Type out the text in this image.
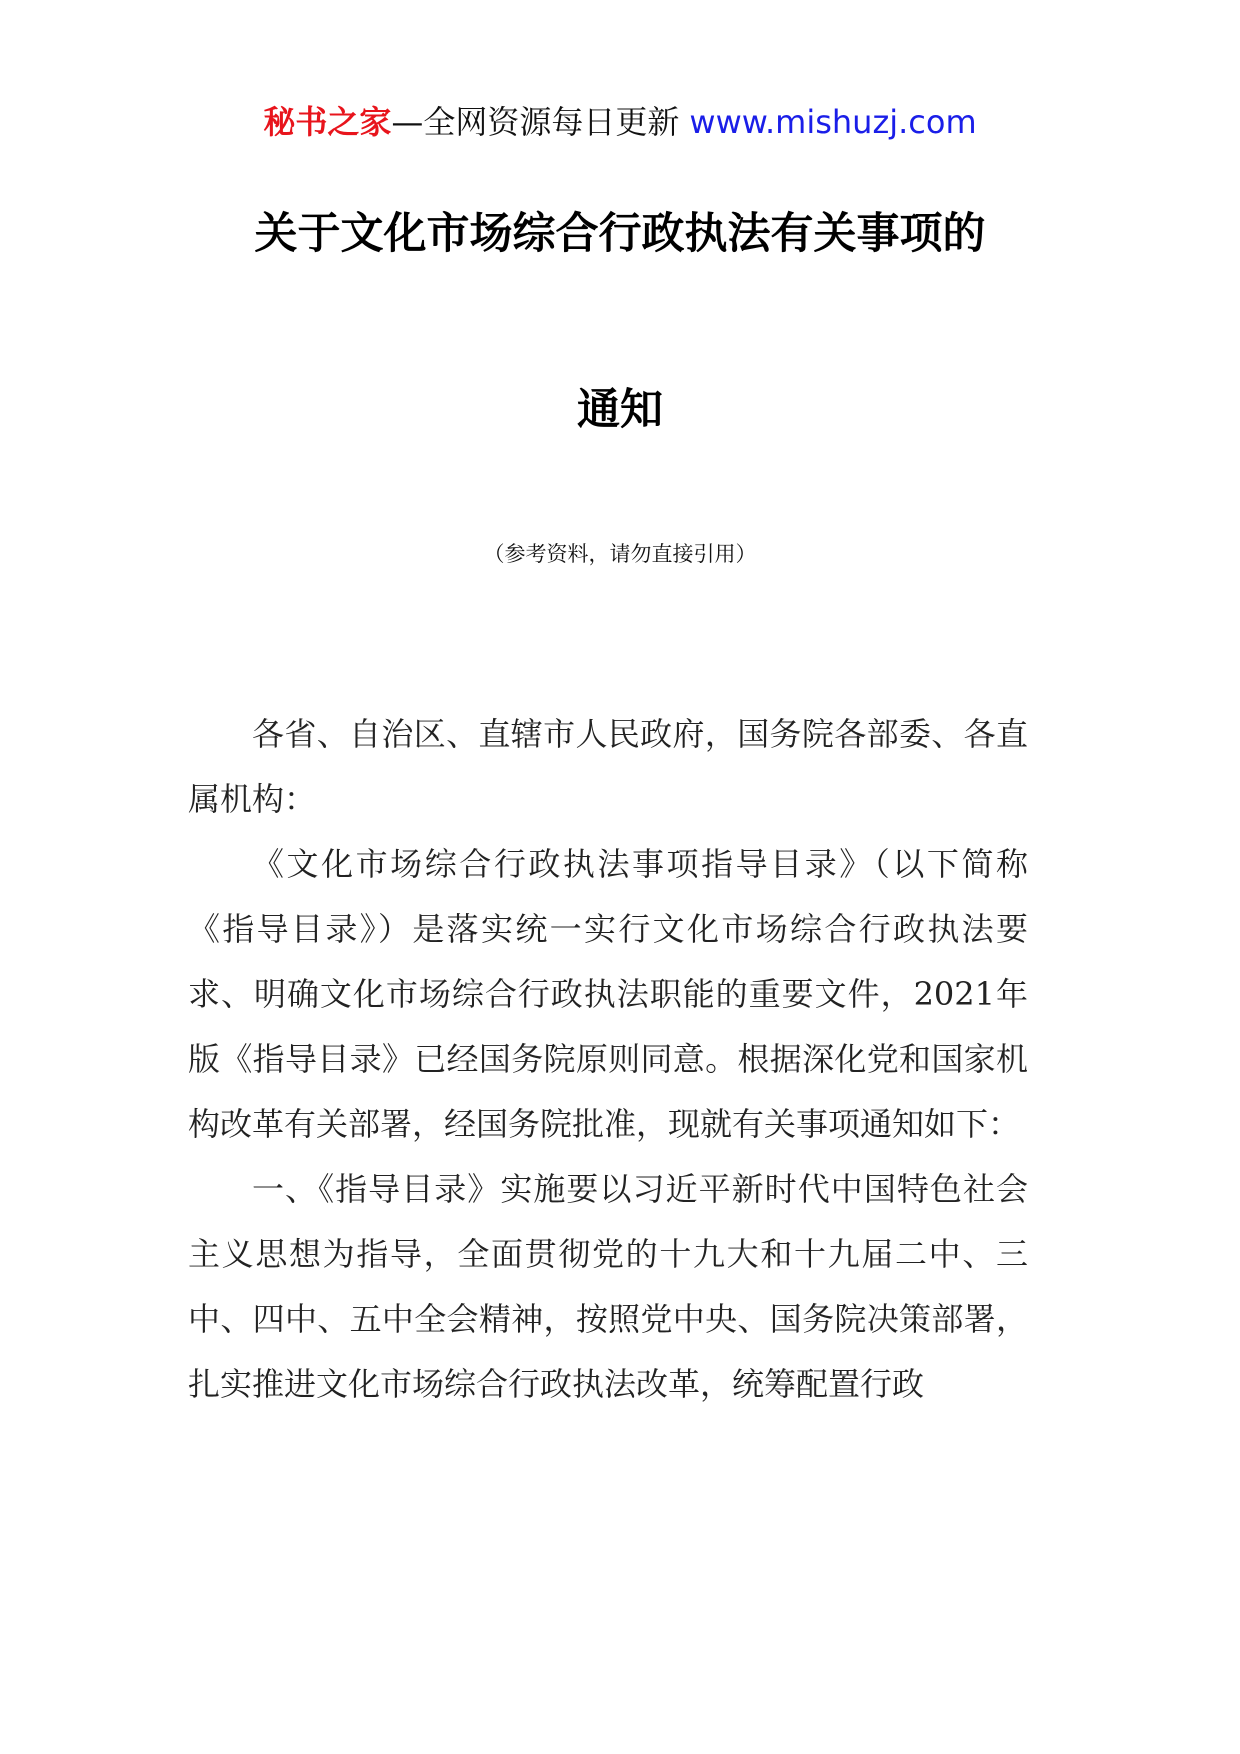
秘书之家—全网资源每日更新 www.mishuzj.com
关于文化市场综合行政执法有关事项的
通知
（参考资料，请勿直接引用）

各省、自治区、直辖市人民政府，国务院各部委、各直属机构：

《文化市场综合行政执法事项指导目录》（以下简称《指导目录》）是落实统一实行文化市场综合行政执法要求、明确文化市场综合行政执法职能的重要文件，2021年版《指导目录》已经国务院原则同意。根据深化党和国家机构改革有关部署，经国务院批准，现就有关事项通知如下：

一、《指导目录》实施要以习近平新时代中国特色社会主义思想为指导，全面贯彻党的十九大和十九届二中、三中、四中、五中全会精神，按照党中央、国务院决策部署，扎实推进文化市场综合行政执法改革，统筹配置行政
